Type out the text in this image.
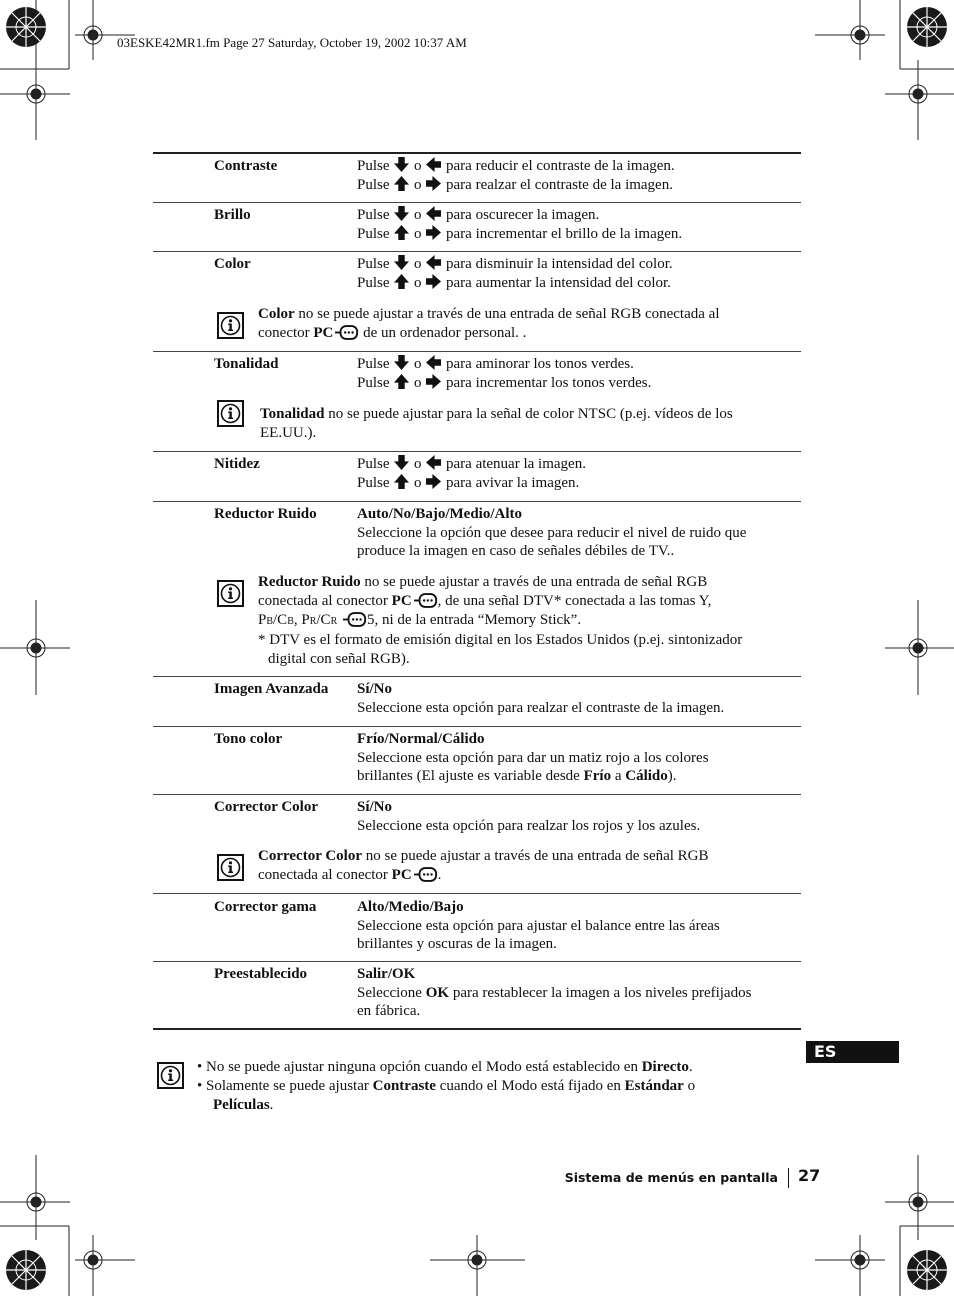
03ESKE42MR1.fm Page 27 Saturday, October 19, 2002 10:37 AM
Contraste	Pulse o para reducir el contraste de la imagen.
Pulse o para realzar el contraste de la imagen.
Brillo	Pulse o para oscurecer la imagen.
Pulse o para incrementar el brillo de la imagen.
Color	Pulse o para disminuir la intensidad del color.
Pulse o para aumentar la intensidad del color.
Color no se puede ajustar a través de una entrada de señal RGB conectada al
conector PC de un ordenador personal. .
Tonalidad	Pulse o para aminorar los tonos verdes.
Pulse o para incrementar los tonos verdes.
Tonalidad no se puede ajustar para la señal de color NTSC (p.ej. vídeos de los
EE.UU.).
Nitidez	Pulse o para atenuar la imagen.
Pulse o para avivar la imagen.
Reductor Ruido	Auto/No/Bajo/Medio/Alto
Seleccione la opción que desee para reducir el nivel de ruido que
produce la imagen en caso de señales débiles de TV..
Reductor Ruido no se puede ajustar a través de una entrada de señal RGB
conectada al conector PC , de una señal DTV* conectada a las tomas Y,
PB/CB, PR/CR 5, ni de la entrada “Memory Stick”.
* DTV es el formato de emisión digital en los Estados Unidos (p.ej. sintonizador
digital con señal RGB).
Imagen Avanzada Sí/No
Seleccione esta opción para realzar el contraste de la imagen.
Tono color	Frío/Normal/Cálido
Seleccione esta opción para dar un matiz rojo a los colores
brillantes (El ajuste es variable desde Frío a Cálido).
Corrector Color	Sí/No
Seleccione esta opción para realzar los rojos y los azules.
Corrector Color no se puede ajustar a través de una entrada de señal RGB
conectada al conector PC .
Corrector gama	Alto/Medio/Bajo
Seleccione esta opción para ajustar el balance entre las áreas
brillantes y oscuras de la imagen.
Preestablecido	Salir/OK
Seleccione OK para restablecer la imagen a los niveles prefijados
en fábrica.
• No se puede ajustar ninguna opción cuando el Modo está establecido en Directo.
• Solamente se puede ajustar Contraste cuando el Modo está fijado en Estándar o
Películas.
ES
Sistema de menús en pantalla 27
